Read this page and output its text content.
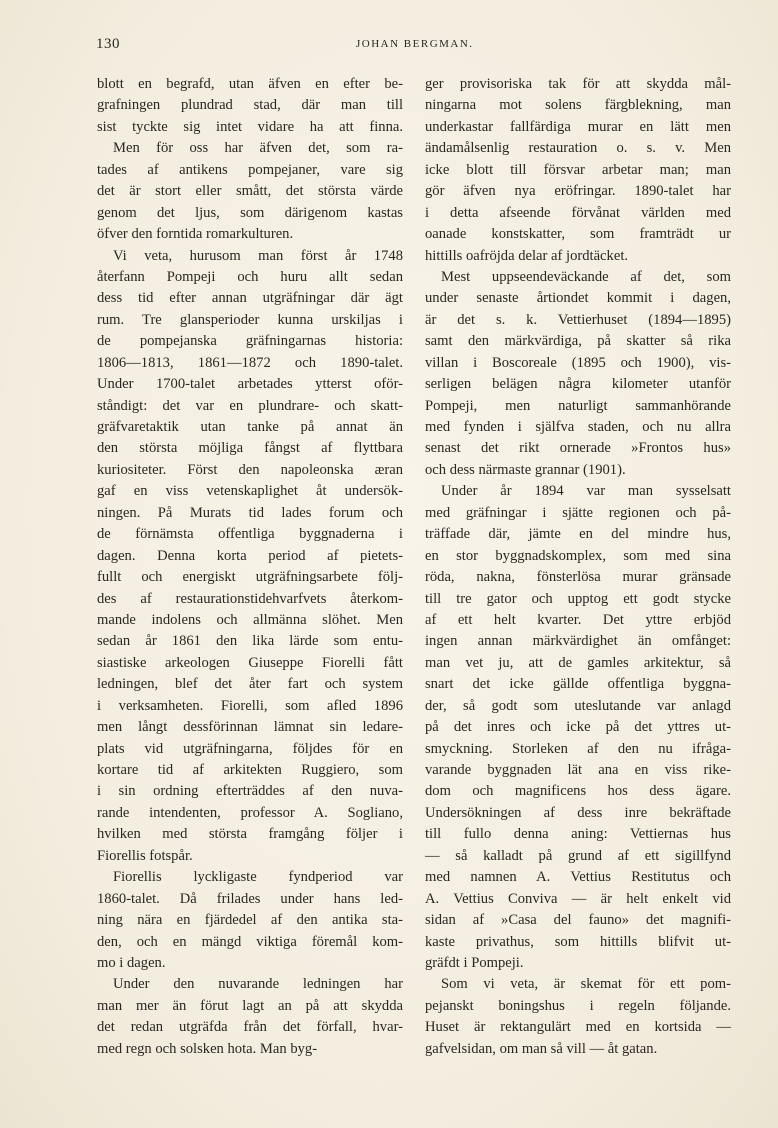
130	JOHAN BERGMAN.
blott en begrafd, utan äfven en efter be-
grafningen plundrad stad, där man till
sist tyckte sig intet vidare ha att finna.
Men för oss har äfven det, som ra-
tades af antikens pompejaner, vare sig
det är stort eller smått, det största värde
genom det ljus, som därigenom kastas
öfver den forntida romarkulturen.
Vi veta, hurusom man först år 1748
återfann Pompeji och huru allt sedan
dess tid efter annan utgräfningar där ägt
rum. Tre glansperioder kunna urskiljas i
de pompejanska gräfningarnas historia:
1806—1813, 1861—1872 och 1890-talet.
Under 1700-talet arbetades ytterst oför-
ståndigt: det var en plundrare- och skatt-
gräfvaretaktik utan tanke på annat än
den största möjliga fångst af flyttbara
kuriositeter. Först den napoleonska æran
gaf en viss vetenskaplighet åt undersök-
ningen. På Murats tid lades forum och
de förnämsta offentliga byggnaderna i
dagen. Denna korta period af pietets-
fullt och energiskt utgräfningsarbete följ-
des af restaurationstidehvarfvets återkom-
mande indolens och allmänna slöhet. Men
sedan år 1861 den lika lärde som entu-
siastiske arkeologen Giuseppe Fiorelli fått
ledningen, blef det åter fart och system
i verksamheten. Fiorelli, som afled 1896
men långt dessförinnan lämnat sin ledare-
plats vid utgräfningarna, följdes för en
kortare tid af arkitekten Ruggiero, som
i sin ordning efterträddes af den nuva-
rande intendenten, professor A. Sogliano,
hvilken med största framgång följer i
Fiorellis fotspår.
Fiorellis lyckligaste fyndperiod var
1860-talet. Då frilades under hans led-
ning nära en fjärdedel af den antika sta-
den, och en mängd viktiga föremål kom-
mo i dagen.
Under den nuvarande ledningen har
man mer än förut lagt an på att skydda
det redan utgräfda från det förfall, hvar-
med regn och solsken hota. Man byg-
ger provisoriska tak för att skydda mål-
ningarna mot solens färgblekning, man
underkastar fallfärdiga murar en lätt men
ändamålsenlig restauration o. s. v. Men
icke blott till försvar arbetar man; man
gör äfven nya eröfringar. 1890-talet har
i detta afseende förvånat världen med
oanade konstskatter, som framträdt ur
hittills oafröjda delar af jordtäcket.
Mest uppseendeväckande af det, som
under senaste årtiondet kommit i dagen,
är det s. k. Vettierhuset (1894—1895)
samt den märkvärdiga, på skatter så rika
villan i Boscoreale (1895 och 1900), vis-
serligen belägen några kilometer utanför
Pompeji, men naturligt sammanhörande
med fynden i själfva staden, och nu allra
senast det rikt ornerade »Frontos hus»
och dess närmaste grannar (1901).
Under år 1894 var man sysselsatt
med gräfningar i sjätte regionen och på-
träffade där, jämte en del mindre hus,
en stor byggnadskomplex, som med sina
röda, nakna, fönsterlösa murar gränsade
till tre gator och upptog ett godt stycke
af ett helt kvarter. Det yttre erbjöd
ingen annan märkvärdighet än omfånget:
man vet ju, att de gamles arkitektur, så
snart det icke gällde offentliga byggna-
der, så godt som uteslutande var anlagd
på det inres och icke på det yttres ut-
smyckning. Storleken af den nu ifråga-
varande byggnaden lät ana en viss rike-
dom och magnificens hos dess ägare.
Undersökningen af dess inre bekräftade
till fullo denna aning: Vettiernas hus
— så kalladt på grund af ett sigillfynd
med namnen A. Vettius Restitutus och
A. Vettius Conviva — är helt enkelt vid
sidan af »Casa del fauno» det magnifi-
kaste privathus, som hittills blifvit ut-
gräfdt i Pompeji.
Som vi veta, är skemat för ett pom-
pejanskt boningshus i regeln följande.
Huset är rektangulärt med en kortsida —
gafvelsidan, om man så vill — åt gatan.
